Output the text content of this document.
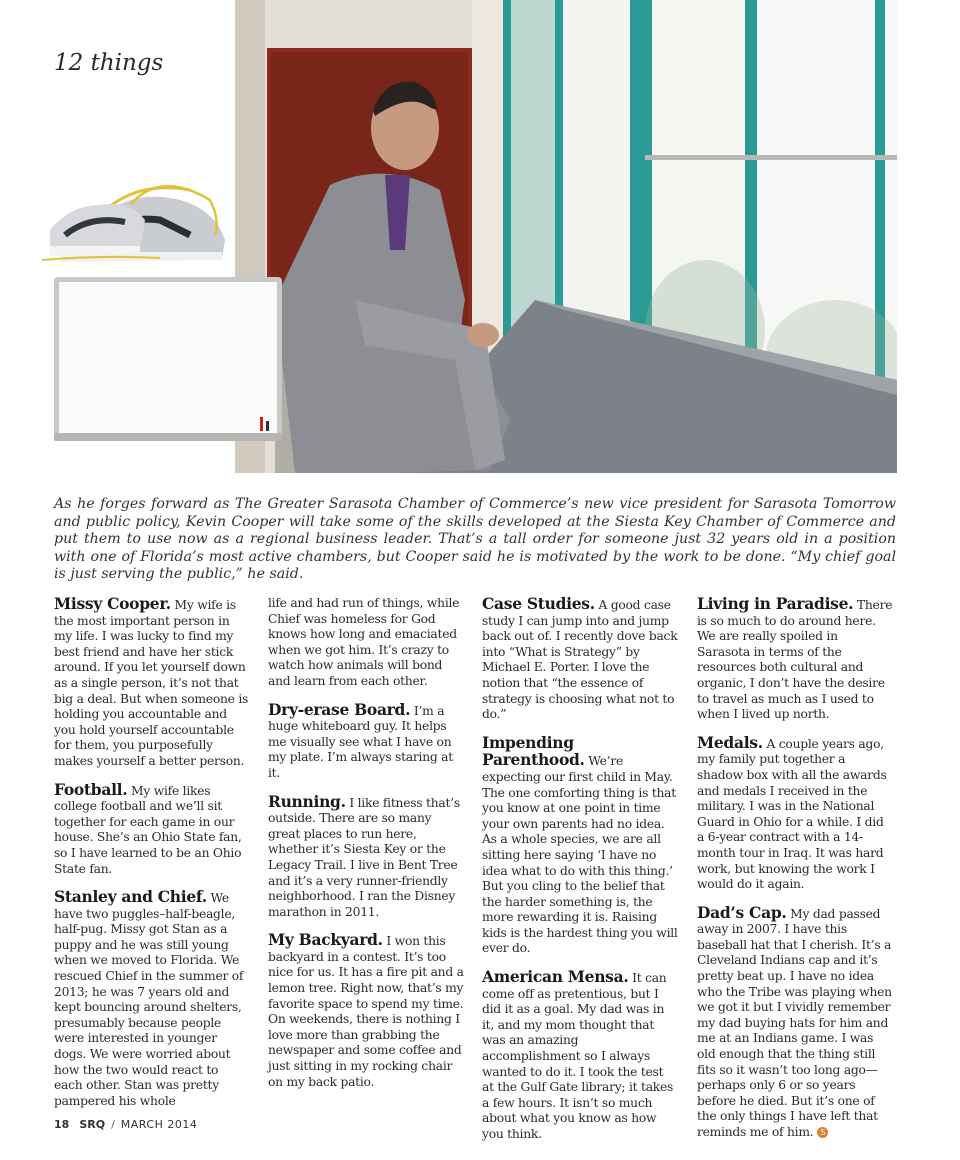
12 things
As he forges forward as The Greater Sarasota Chamber of Commerce’s new vice president for Sarasota Tomorrow and public policy, Kevin Cooper will take some of the skills developed at the Siesta Key Chamber of Commerce and put them to use now as a regional business leader. That’s a tall order for someone just 32 years old in a position with one of Florida’s most active chambers, but Cooper said he is motivated by the work to be done. “My chief goal is just serving the public,” he said.

Missy Cooper. My wife is the most important person in my life. I was lucky to find my best friend and have her stick around. If you let yourself down as a single person, it’s not that big a deal. But when someone is holding you accountable and you hold yourself accountable for them, you purposefully makes yourself a better person.

Football. My wife likes college football and we’ll sit together for each game in our house. She’s an Ohio State fan, so I have learned to be an Ohio State fan.

Stanley and Chief. We have two puggles–half-beagle, half-pug. Missy got Stan as a puppy and he was still young when we moved to Florida. We rescued Chief in the summer of 2013; he was 7 years old and kept bouncing around shelters, presumably because people were interested in younger dogs. We were worried about how the two would react to each other. Stan was pretty pampered his whole

life and had run of things, while Chief was homeless for God knows how long and emaciated when we got him. It’s crazy to watch how animals will bond and learn from each other.

Dry-erase Board. I’m a huge whiteboard guy. It helps me visually see what I have on my plate. I’m always staring at it.

Running. I like fitness that’s outside. There are so many great places to run here, whether it’s Siesta Key or the Legacy Trail. I live in Bent Tree and it’s a very runner-friendly neighborhood. I ran the Disney marathon in 2011.

My Backyard. I won this backyard in a contest. It’s too nice for us. It has a fire pit and a lemon tree. Right now, that’s my favorite space to spend my time. On weekends, there is nothing I love more than grabbing the newspaper and some coffee and just sitting in my rocking chair on my back patio.

Case Studies. A good case study I can jump into and jump back out of. I recently dove back into “What is Strategy” by Michael E. Porter. I love the notion that “the essence of strategy is choosing what not to do.”

Impending Parenthood. We’re expecting our first child in May. The one comforting thing is that you know at one point in time your own parents had no idea. As a whole species, we are all sitting here saying ‘I have no idea what to do with this thing.’ But you cling to the belief that the harder something is, the more rewarding it is. Raising kids is the hardest thing you will ever do.

American Mensa. It can come off as pretentious, but I did it as a goal. My dad was in it, and my mom thought that was an amazing accomplishment so I always wanted to do it. I took the test at the Gulf Gate library; it takes a few hours. It isn’t so much about what you know as how you think.

Living in Paradise. There is so much to do around here. We are really spoiled in Sarasota in terms of the resources both cultural and organic, I don’t have the desire to travel as much as I used to when I lived up north.

Medals. A couple years ago, my family put together a shadow box with all the awards and medals I received in the military. I was in the National Guard in Ohio for a while. I did a 6-year contract with a 14-month tour in Iraq. It was hard work, but knowing the work I would do it again.

Dad’s Cap. My dad passed away in 2007. I have this baseball hat that I cherish. It’s a Cleveland Indians cap and it’s pretty beat up. I have no idea who the Tribe was playing when we got it but I vividly remember my dad buying hats for him and me at an Indians game. I was old enough that the thing still fits so it wasn’t too long ago—perhaps only 6 or so years before he died. But it’s one of the only things I have left that reminds me of him. S

18 SRQ / MARCH 2014
